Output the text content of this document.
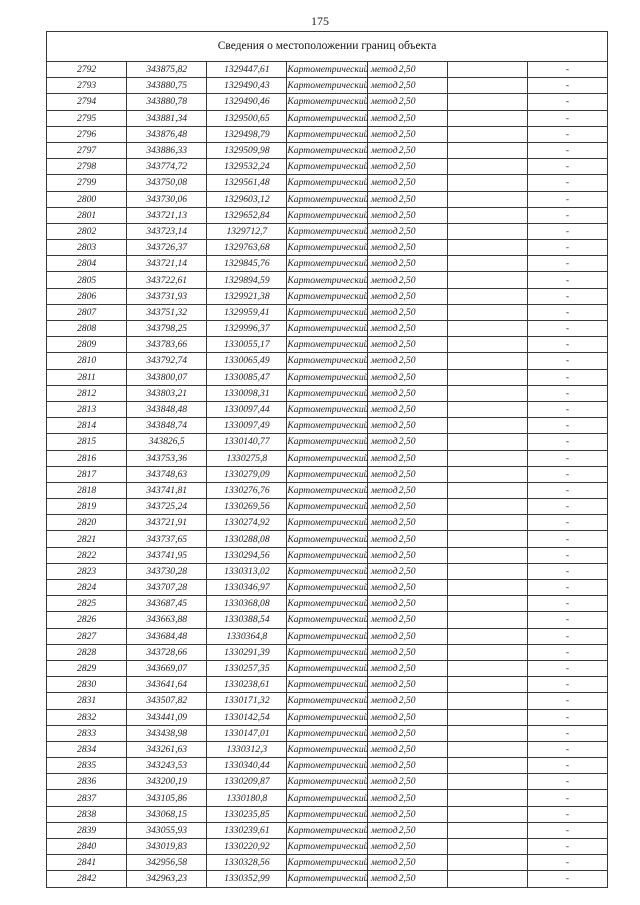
175
Сведения о местоположении границ объекта						
2792	343875,82	1329447,61	Картометрический метод	2,50		-
2793	343880,75	1329490,43	Картометрический метод	2,50		-
2794	343880,78	1329490,46	Картометрический метод	2,50		-
2795	343881,34	1329500,65	Картометрический метод	2,50		-
2796	343876,48	1329498,79	Картометрический метод	2,50		-
2797	343886,33	1329509,98	Картометрический метод	2,50		-
2798	343774,72	1329532,24	Картометрический метод	2,50		-
2799	343750,08	1329561,48	Картометрический метод	2,50		-
2800	343730,06	1329603,12	Картометрический метод	2,50		-
2801	343721,13	1329652,84	Картометрический метод	2,50		-
2802	343723,14	1329712,7	Картометрический метод	2,50		-
2803	343726,37	1329763,68	Картометрический метод	2,50		-
2804	343721,14	1329845,76	Картометрический метод	2,50		-
2805	343722,61	1329894,59	Картометрический метод	2,50		-
2806	343731,93	1329921,38	Картометрический метод	2,50		-
2807	343751,32	1329959,41	Картометрический метод	2,50		-
2808	343798,25	1329996,37	Картометрический метод	2,50		-
2809	343783,66	1330055,17	Картометрический метод	2,50		-
2810	343792,74	1330065,49	Картометрический метод	2,50		-
2811	343800,07	1330085,47	Картометрический метод	2,50		-
2812	343803,21	1330098,31	Картометрический метод	2,50		-
2813	343848,48	1330097,44	Картометрический метод	2,50		-
2814	343848,74	1330097,49	Картометрический метод	2,50		-
2815	343826,5	1330140,77	Картометрический метод	2,50		-
2816	343753,36	1330275,8	Картометрический метод	2,50		-
2817	343748,63	1330279,09	Картометрический метод	2,50		-
2818	343741,81	1330276,76	Картометрический метод	2,50		-
2819	343725,24	1330269,56	Картометрический метод	2,50		-
2820	343721,91	1330274,92	Картометрический метод	2,50		-
2821	343737,65	1330288,08	Картометрический метод	2,50		-
2822	343741,95	1330294,56	Картометрический метод	2,50		-
2823	343730,28	1330313,02	Картометрический метод	2,50		-
2824	343707,28	1330346,97	Картометрический метод	2,50		-
2825	343687,45	1330368,08	Картометрический метод	2,50		-
2826	343663,88	1330388,54	Картометрический метод	2,50		-
2827	343684,48	1330364,8	Картометрический метод	2,50		-
2828	343728,66	1330291,39	Картометрический метод	2,50		-
2829	343669,07	1330257,35	Картометрический метод	2,50		-
2830	343641,64	1330238,61	Картометрический метод	2,50		-
2831	343507,82	1330171,32	Картометрический метод	2,50		-
2832	343441,09	1330142,54	Картометрический метод	2,50		-
2833	343438,98	1330147,01	Картометрический метод	2,50		-
2834	343261,63	1330312,3	Картометрический метод	2,50		-
2835	343243,53	1330340,44	Картометрический метод	2,50		-
2836	343200,19	1330209,87	Картометрический метод	2,50		-
2837	343105,86	1330180,8	Картометрический метод	2,50		-
2838	343068,15	1330235,85	Картометрический метод	2,50		-
2839	343055,93	1330239,61	Картометрический метод	2,50		-
2840	343019,83	1330220,92	Картометрический метод	2,50		-
2841	342956,58	1330328,56	Картометрический метод	2,50		-
2842	342963,23	1330352,99	Картометрический метод	2,50		-
